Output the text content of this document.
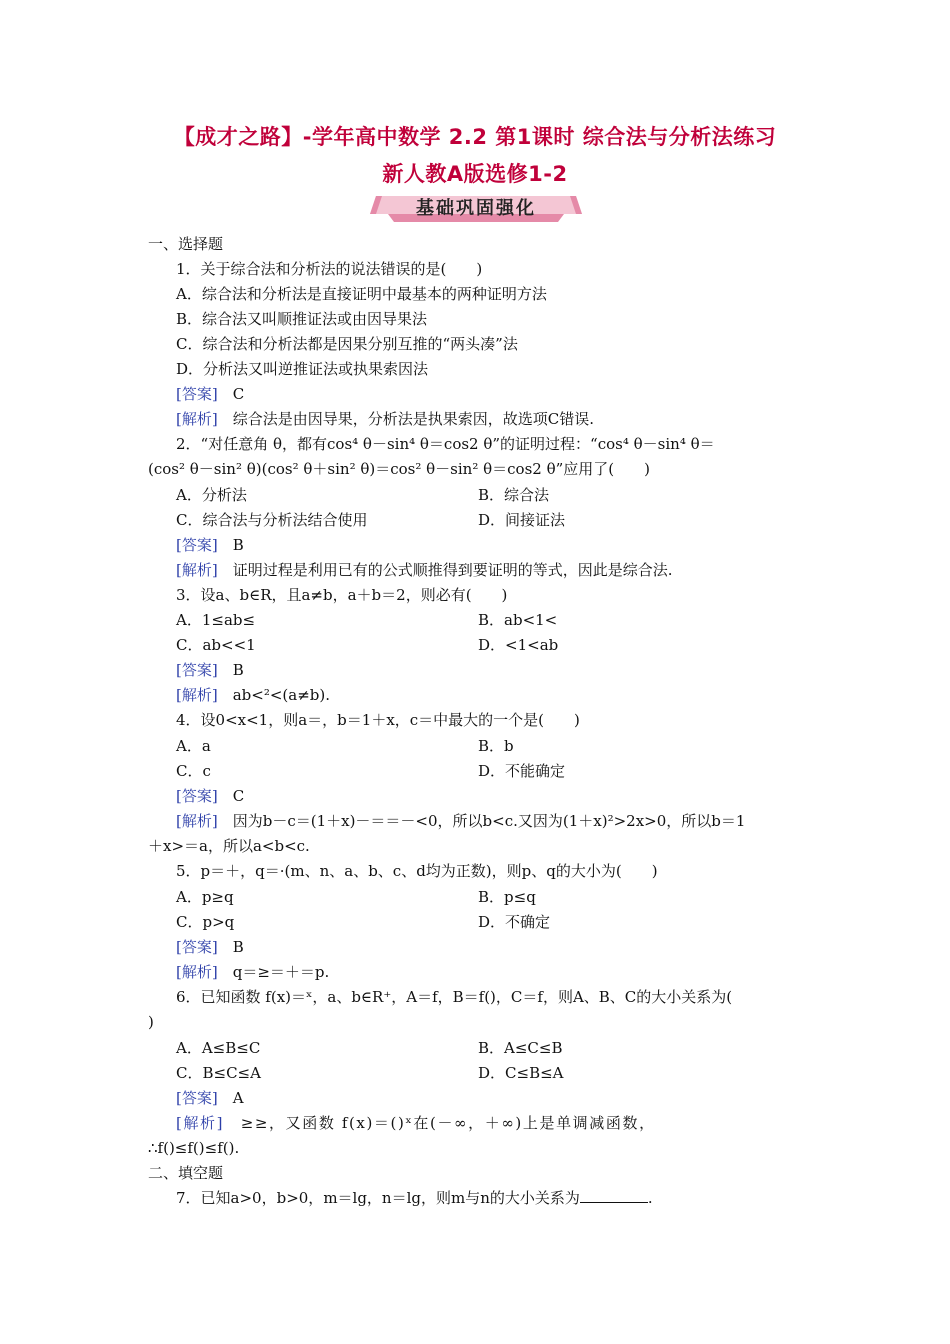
【成才之路】-学年高中数学 2.2 第1课时 综合法与分析法练习
新人教A版选修1-2
基础巩固强化
一、选择题
1．关于综合法和分析法的说法错误的是(　　)
A．综合法和分析法是直接证明中最基本的两种证明方法
B．综合法又叫顺推证法或由因导果法
C．综合法和分析法都是因果分别互推的“两头凑”法
D．分析法又叫逆推证法或执果索因法
[答案]　C
[解析]　综合法是由因导果，分析法是执果索因，故选项C错误.
2．“对任意角 θ，都有cos⁴ θ－sin⁴ θ＝cos2 θ”的证明过程：“cos⁴ θ－sin⁴ θ＝
(cos² θ－sin² θ)(cos² θ＋sin² θ)＝cos² θ－sin² θ＝cos2 θ”应用了(　　)
A．分析法	B．综合法
C．综合法与分析法结合使用	D．间接证法
[答案]　B
[解析]　证明过程是利用已有的公式顺推得到要证明的等式，因此是综合法.
3．设a、b∈R，且a≠b，a＋b＝2，则必有(　　)
A．1≤ab≤	B．ab<1<
C．ab<<1	D．<1<ab
[答案]　B
[解析]　ab<²<(a≠b).
4．设0<x<1，则a＝，b＝1＋x，c＝中最大的一个是(　　)
A．a	B．b
C．c	D．不能确定
[答案]　C
[解析]　因为b－c＝(1＋x)－＝＝－<0，所以b<c.又因为(1＋x)²>2x>0，所以b＝1
＋x>＝a，所以a<b<c.
5．p＝＋，q＝·(m、n、a、b、c、d均为正数)，则p、q的大小为(　　)
A．p≥q	B．p≤q
C．p>q	D．不确定
[答案]　B
[解析]　q＝≥＝＋＝p.
6．已知函数 f(x)＝ˣ，a、b∈R⁺，A＝f，B＝f()，C＝f，则A、B、C的大小关系为(
)
A．A≤B≤C	B．A≤C≤B
C．B≤C≤A	D．C≤B≤A
[答案]　A
[解析]　≥≥，又函数 f(x)＝()ˣ在(－∞，＋∞)上是单调减函数，
∴f()≤f()≤f().
二、填空题
7．已知a>0，b>0，m＝lg，n＝lg，则m与n的大小关系为	.
